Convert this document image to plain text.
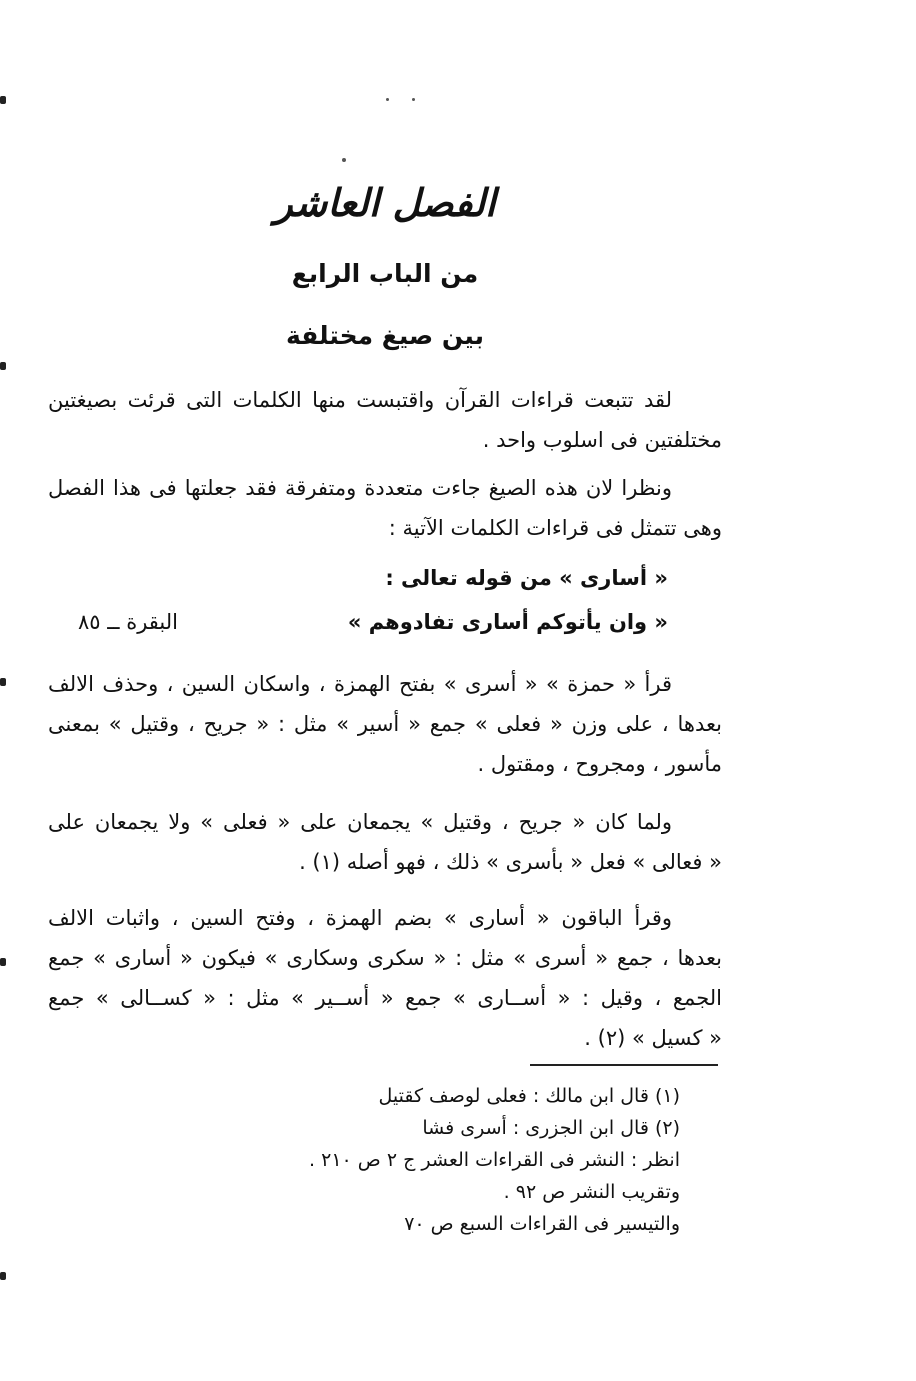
الفصل العاشر
من الباب الرابع
بين صيغ مختلفة
لقد تتبعت قراءات القرآن واقتبست منها الكلمات التى قرئت بصيغتين
مختلفتين فى اسلوب واحد .
ونظرا لان هذه الصيغ جاءت متعددة ومتفرقة فقد جعلتها فى هذا الفصل
وهى تتمثل فى قراءات الكلمات الآتية :
« أسارى » من قوله تعالى :
« وان يأتوكم أسارى تفادوهم »
البقرة ــ ٨٥
قرأ « حمزة » « أسرى » بفتح الهمزة ، واسكان السين ، وحذف الالف
بعدها ، على وزن « فعلى » جمع « أسير » مثل : « جريح ، وقتيل » بمعنى
مأسور ، ومجروح ، ومقتول .
ولما كان « جريح ، وقتيل » يجمعان على « فعلى » ولا يجمعان على
« فعالى » فعل « بأسرى » ذلك ، فهو أصله (١) .
وقرأ الباقون « أسارى » بضم الهمزة ، وفتح السين ، واثبات الالف
بعدها ، جمع « أسرى » مثل : « سكرى وسكارى » فيكون « أسارى » جمع
الجمع ، وقيل : « أســارى » جمع « أســير » مثل : « كســالى » جمع
« كسيل » (٢) .
(١) قال ابن مالك : فعلى لوصف كقتيل
(٢) قال ابن الجزرى : أسرى فشا
انظر : النشر فى القراءات العشر ج ٢ ص ٢١٠ .
وتقريب النشر ص ٩٢ .
والتيسير فى القراءات السبع ص ٧٠
